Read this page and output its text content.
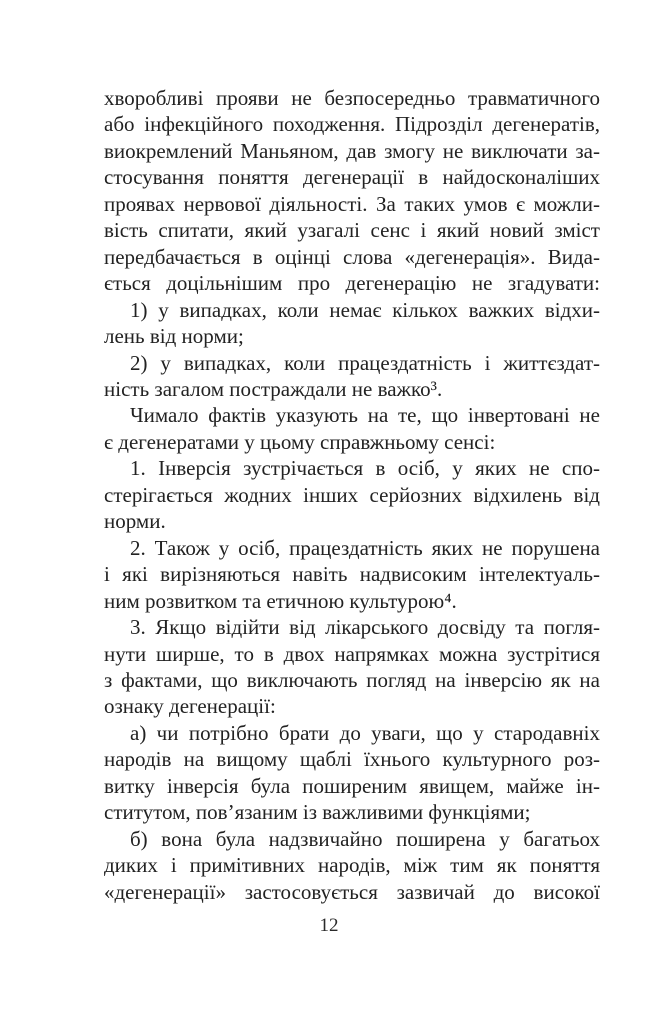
хворобливі прояви не безпосередньо травматичного
або інфекційного походження. Підрозділ дегенератів,
виокремлений Маньяном, дав змогу не виключати за-
стосування поняття дегенерації в найдосконаліших
проявах нервової діяльності. За таких умов є можли-
вість спитати, який узагалі сенс і який новий зміст
передбачається в оцінці слова «дегенерація». Вида-
ється доцільнішим про дегенерацію не згадувати:
1) у випадках, коли немає кількох важких відхи-
лень від норми;
2) у випадках, коли працездатність і життєздат-
ність загалом постраждали не важко³.
Чимало фактів указують на те, що інвертовані не
є дегенератами у цьому справжньому сенсі:
1. Інверсія зустрічається в осіб, у яких не спо-
стерігається жодних інших серйозних відхилень від
норми.
2. Також у осіб, працездатність яких не порушена
і які вирізняються навіть надвисоким інтелектуаль-
ним розвитком та етичною культурою⁴.
3. Якщо відійти від лікарського досвіду та погля-
нути ширше, то в двох напрямках можна зустрітися
з фактами, що виключають погляд на інверсію як на
ознаку дегенерації:
а) чи потрібно брати до уваги, що у стародавніх
народів на вищому щаблі їхнього культурного роз-
витку інверсія була поширеним явищем, майже ін-
ститутом, пов’язаним із важливими функціями;
б) вона була надзвичайно поширена у багатьох
диких і примітивних народів, між тим як поняття
«дегенерації» застосовується зазвичай до високої
12
